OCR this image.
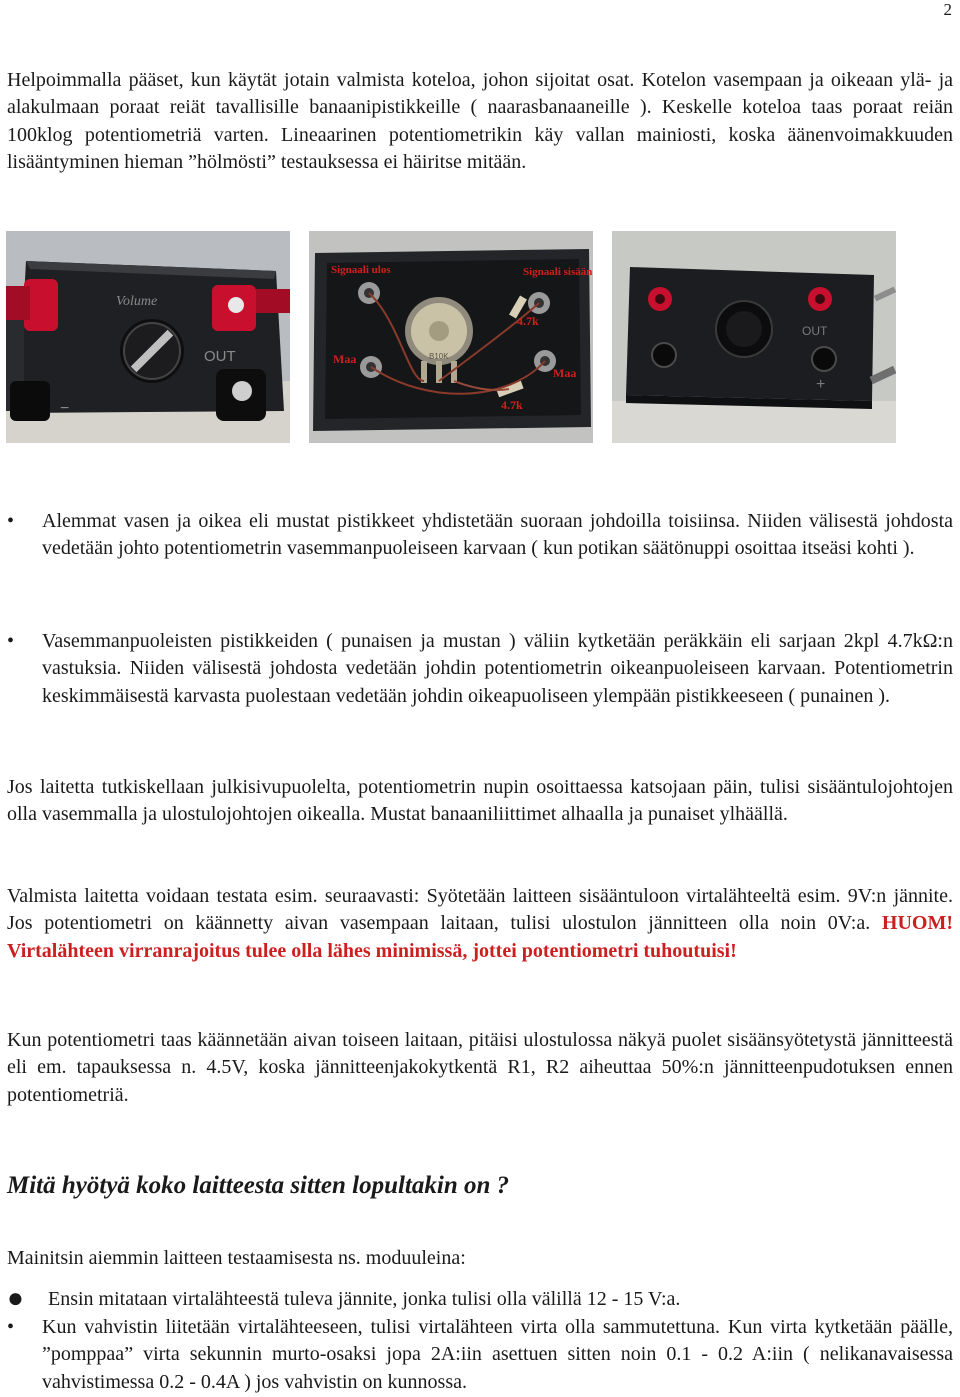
2

Helpoimmalla pääset, kun käytät jotain valmista koteloa, johon sijoitat osat. Kotelon vasempaan ja oikeaan ylä- ja alakulmaan poraat reiät tavallisille banaanipistikkeille ( naarasbanaaneille ). Keskelle koteloa taas poraat reiän 100klog potentiometriä varten. Lineaarinen potentiometrikin käy vallan mainiosti, koska äänenvoimakkuuden lisääntyminen hieman ”hölmösti” testauksessa ei häiritse mitään.

Volume
OUT
−
Signaali ulos	Signaali sisään
4.7k
4.7k
Maa
Maa
B10K
OUT
+
•	Alemmat vasen ja oikea eli mustat pistikkeet yhdistetään suoraan johdoilla toisiinsa. Niiden välisestä johdosta vedetään johto potentiometrin vasemmanpuoleiseen karvaan ( kun potikan säätönuppi osoittaa itseäsi kohti ).
•	Vasemmanpuoleisten pistikkeiden ( punaisen ja mustan ) väliin kytketään peräkkäin eli sarjaan 2kpl 4.7kΩ:n vastuksia. Niiden välisestä johdosta vedetään johdin potentiometrin oikeanpuoleiseen karvaan. Potentiometrin keskimmäisestä karvasta puolestaan vedetään johdin oikeapuoliseen ylempään pistikkeeseen ( punainen ).

Jos laitetta tutkiskellaan julkisivupuolelta, potentiometrin nupin osoittaessa katsojaan päin, tulisi sisääntulojohtojen olla vasemmalla ja ulostulojohtojen oikealla. Mustat banaaniliittimet alhaalla ja punaiset ylhäällä.

Valmista laitetta voidaan testata esim. seuraavasti: Syötetään laitteen sisääntuloon virtalähteeltä esim. 9V:n jännite. Jos potentiometri on käännetty aivan vasempaan laitaan, tulisi ulostulon jännitteen olla noin 0V:a. HUOM! Virtalähteen virranrajoitus tulee olla lähes minimissä, jottei potentiometri tuhoutuisi!

Kun potentiometri taas käännetään aivan toiseen laitaan, pitäisi ulostulossa näkyä puolet sisäänsyötetystä jännitteestä eli em. tapauksessa n. 4.5V, koska jännitteenjakokytkentä R1, R2 aiheuttaa 50%:n jännitteenpudotuksen ennen potentiometriä.

Mitä hyötyä koko laitteesta sitten lopultakin on ?

Mainitsin aiemmin laitteen testaamisesta ns. moduuleina:

●	Ensin mitataan virtalähteestä tuleva jännite, jonka tulisi olla välillä 12 - 15 V:a.
•	Kun vahvistin liitetään virtalähteeseen, tulisi virtalähteen virta olla sammutettuna. Kun virta kytketään päälle, ”pomppaa” virta sekunnin murto-osaksi jopa 2A:iin asettuen sitten noin 0.1 - 0.2 A:iin ( nelikanavaisessa vahvistimessa 0.2 - 0.4A ) jos vahvistin on kunnossa.
